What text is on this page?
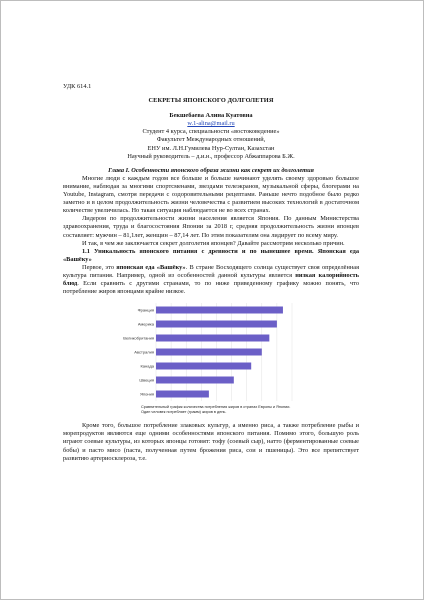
УДК 614.1

СЕКРЕТЫ ЯПОНСКОГО ДОЛГОЛЕТИЯ

Бекшебаева Алина Куатовна

w.1-alina@mail.ru

Студент 4 курса, специальности «востоковедение»

Факультет Международных отношений,

ЕНУ им. Л.Н.Гумилева Нур-Султан, Казахстан

Научный руководитель – д.и.н., профессор Абжаппарова Б.Ж.

Глава I. Особенности японского образа жизни как секрет их долголетия

Многие люди с каждым годом все больше и больше начинают уделять своему здоровью большое внимание, наблюдая за многими спортсменами, звездами телеэкранов, музыкальной сферы, блогерами на Youtube, Instagram, смотря передачи с оздоровительными рецептами. Раньше нечто подобное было редко заметно и в целом продолжительность жизни человечества с развитием высоких технологий в достаточном количестве увеличилась. Но такая ситуация наблюдается не во всех странах.

Лидером по продолжительности жизни населения является Япония. По данным Министерства здравоохранения, труда и благосостояния Японии за 2018 г, средняя продолжительность жизни японцев составляет: мужчин – 81,1лет, женщин – 87,14 лет. По этим показателям она лидирует по всему миру.

И так, в чем же заключается секрет долголетия японцев? Давайте рассмотрим несколько причин.

1.1 Уникальность японского питания с древности и по нынешнее время. Японская еда «Вашёку»

Первое, это японская еда «Вашёку». В стране Восходящего солнца существует своя определённая культура питания. Например, одной из особенностей данной культуры является низкая калорийность блюд. Если сравнить с другими странами, то по ниже приведенному графику можно понять, что потребление жиров японцами крайне низкое.

Франция
Америка
Великобритания
Австралия
Канада
Швеция
Япония
Сравнительный график количества потребления жиров в странах Европы и Японии. Один человек потребляет (грамм) жиров в день.

Кроме того, большое потребление злаковых культур, а именно риса, а также потребление рыбы и морепродуктов являются еще одними особенностями японского питания. Помимо этого, большую роль играют соевые культуры, из которых японцы готовят: тофу (соевый сыр), натто (ферментированные соевые бобы) и пасто мисо (паста, полученная путем брожения риса, сои и пшеницы). Это все препятствует развитию артериосклероза, т.е.
